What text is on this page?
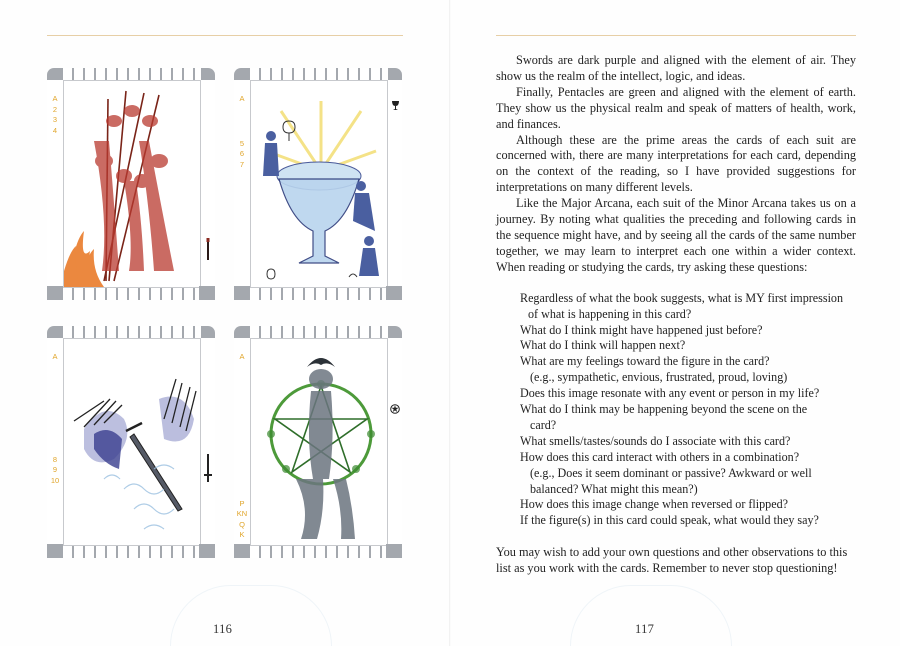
A
2
3
4
A
5
6
7
A
8
9
10
A
P
KN
Q
K
116

Swords are dark purple and aligned with the element of air. They show us the realm of the intellect, logic, and ideas.

Finally, Pentacles are green and aligned with the element of earth. They show us the physical realm and speak of matters of health, work, and finances.

Although these are the prime areas the cards of each suit are concerned with, there are many interpretations for each card, depending on the context of the reading, so I have provided suggestions for interpretations on many different levels.

Like the Major Arcana, each suit of the Minor Arcana takes us on a journey. By noting what qualities the preceding and following cards in the sequence might have, and by seeing all the cards of the same number together, we may learn to interpret each one within a wider context. When reading or studying the cards, try asking these questions:

Regardless of what the book suggests, what is MY first impression
of what is happening in this card?
What do I think might have happened just before?
What do I think will happen next?
What are my feelings toward the figure in the card?
(e.g., sympathetic, envious, frustrated, proud, loving)
Does this image resonate with any event or person in my life?
What do I think may be happening beyond the scene on the
card?
What smells/tastes/sounds do I associate with this card?
How does this card interact with others in a combination?
(e.g., Does it seem dominant or passive? Awkward or well
balanced? What might this mean?)
How does this image change when reversed or flipped?
If the figure(s) in this card could speak, what would they say?

You may wish to add your own questions and other observations to this list as you work with the cards. Remember to never stop questioning!

117
